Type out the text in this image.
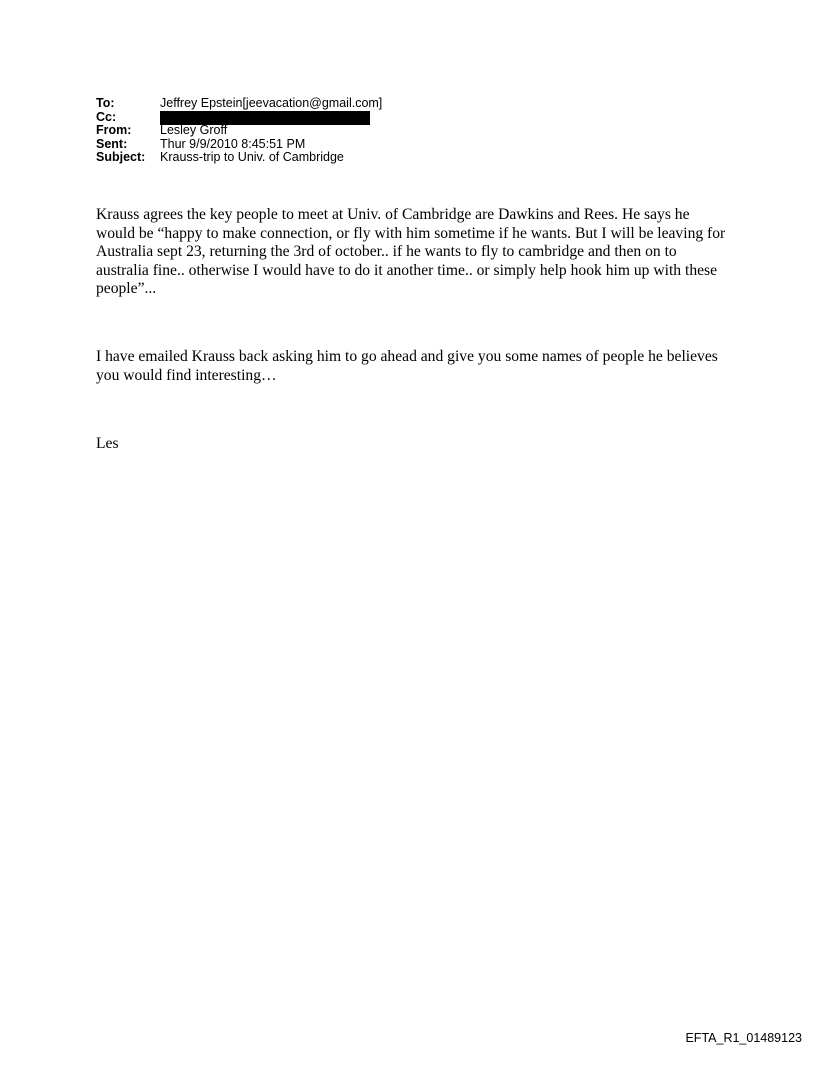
To:	Jeffrey Epstein[jeevacation@gmail.com]
Cc:
From:	Lesley Groff
Sent:	Thur 9/9/2010 8:45:51 PM
Subject:	Krauss-trip to Univ. of Cambridge
Krauss agrees the key people to meet at Univ. of Cambridge are Dawkins and Rees. He says he would be “happy to make connection, or fly with him sometime if he wants. But I will be leaving for Australia sept 23, returning the 3rd of october.. if he wants to fly to cambridge and then on to australia fine.. otherwise I would have to do it another time.. or simply help hook him up with these people”...
I have emailed Krauss back asking him to go ahead and give you some names of people he believes you would find interesting…
Les
EFTA_R1_01489123
